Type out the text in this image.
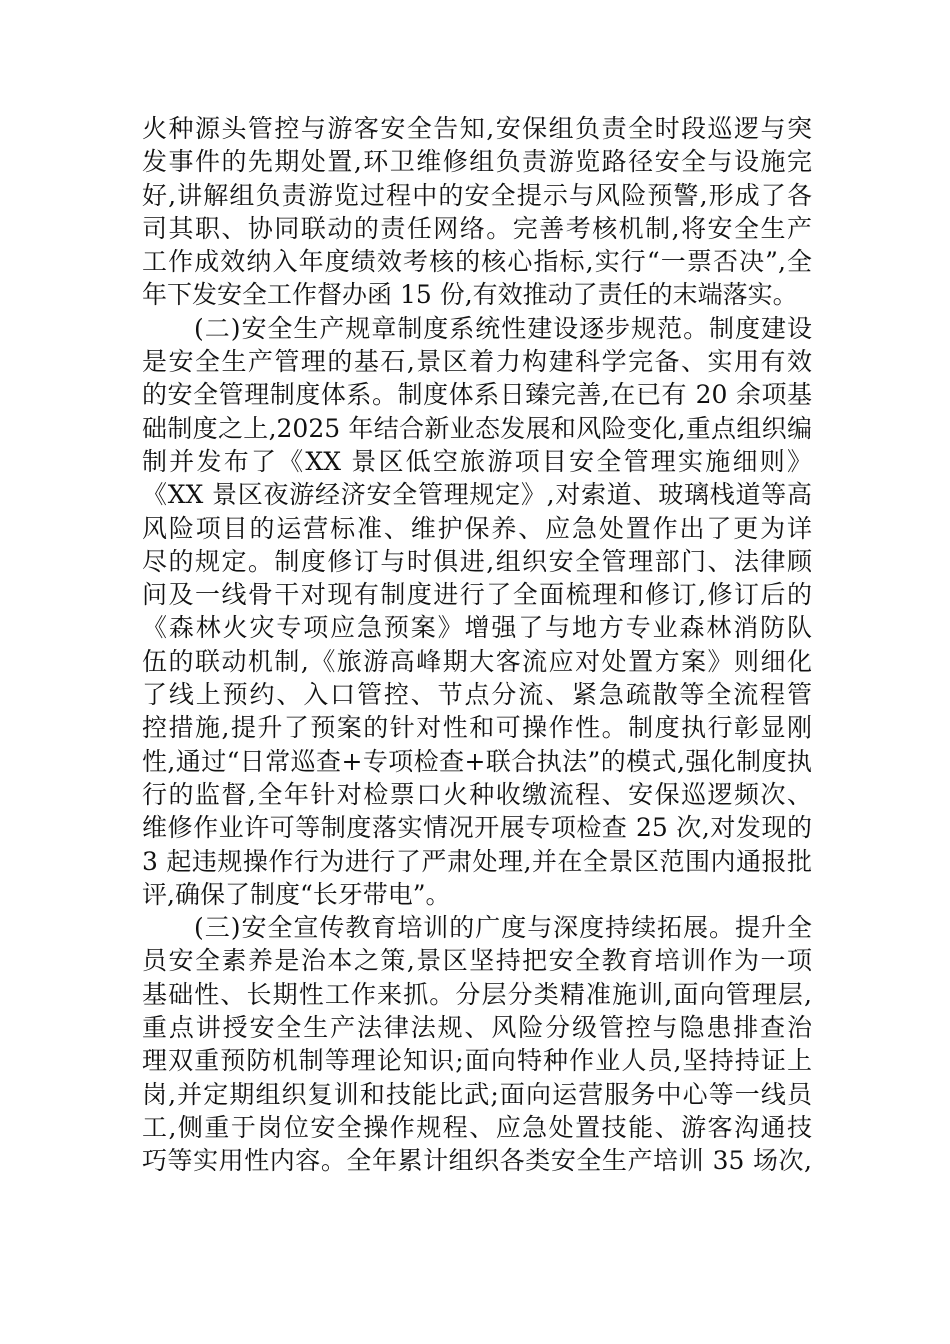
火种源头管控与游客安全告知,安保组负责全时段巡逻与突
发事件的先期处置,环卫维修组负责游览路径安全与设施完
好,讲解组负责游览过程中的安全提示与风险预警,形成了各
司其职、协同联动的责任网络。完善考核机制,将安全生产
工作成效纳入年度绩效考核的核心指标,实行“一票否决”,全
年下发安全工作督办函 15 份,有效推动了责任的末端落实。
(二)安全生产规章制度系统性建设逐步规范。制度建设
是安全生产管理的基石,景区着力构建科学完备、实用有效
的安全管理制度体系。制度体系日臻完善,在已有 20 余项基
础制度之上,2025 年结合新业态发展和风险变化,重点组织编
制并发布了《XX 景区低空旅游项目安全管理实施细则》
《XX 景区夜游经济安全管理规定》,对索道、玻璃栈道等高
风险项目的运营标准、维护保养、应急处置作出了更为详
尽的规定。制度修订与时俱进,组织安全管理部门、法律顾
问及一线骨干对现有制度进行了全面梳理和修订,修订后的
《森林火灾专项应急预案》增强了与地方专业森林消防队
伍的联动机制,《旅游高峰期大客流应对处置方案》则细化
了线上预约、入口管控、节点分流、紧急疏散等全流程管
控措施,提升了预案的针对性和可操作性。制度执行彰显刚
性,通过“日常巡查+专项检查+联合执法”的模式,强化制度执
行的监督,全年针对检票口火种收缴流程、安保巡逻频次、
维修作业许可等制度落实情况开展专项检查 25 次,对发现的
3 起违规操作行为进行了严肃处理,并在全景区范围内通报批
评,确保了制度“长牙带电”。
(三)安全宣传教育培训的广度与深度持续拓展。提升全
员安全素养是治本之策,景区坚持把安全教育培训作为一项
基础性、长期性工作来抓。分层分类精准施训,面向管理层,
重点讲授安全生产法律法规、风险分级管控与隐患排查治
理双重预防机制等理论知识;面向特种作业人员,坚持持证上
岗,并定期组织复训和技能比武;面向运营服务中心等一线员
工,侧重于岗位安全操作规程、应急处置技能、游客沟通技
巧等实用性内容。全年累计组织各类安全生产培训 35 场次,
